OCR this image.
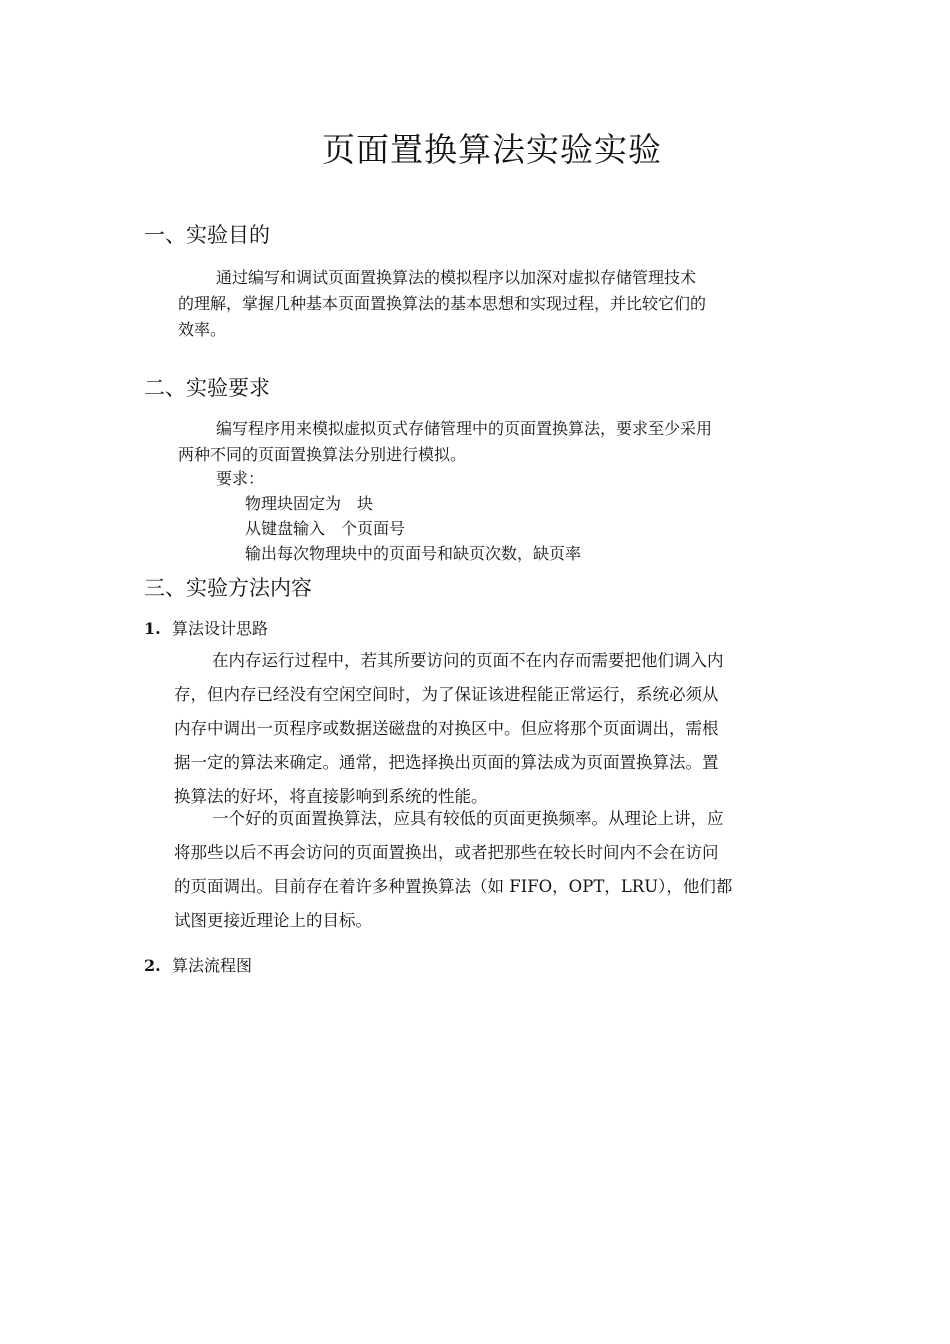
页面置换算法实验实验
一、实验目的
通过编写和调试页面置换算法的模拟程序以加深对虚拟存储管理技术
的理解，掌握几种基本页面置换算法的基本思想和实现过程，并比较它们的
效率。
二、实验要求
编写程序用来模拟虚拟页式存储管理中的页面置换算法，要求至少采用
两种不同的页面置换算法分别进行模拟。
要求：
物理块固定为　块
从键盘输入　个页面号
输出每次物理块中的页面号和缺页次数，缺页率
三、实验方法内容
1. 算法设计思路
在内存运行过程中，若其所要访问的页面不在内存而需要把他们调入内
存，但内存已经没有空闲空间时，为了保证该进程能正常运行，系统必须从
内存中调出一页程序或数据送磁盘的对换区中。但应将那个页面调出，需根
据一定的算法来确定。通常，把选择换出页面的算法成为页面置换算法。置
换算法的好坏，将直接影响到系统的性能。
一个好的页面置换算法，应具有较低的页面更换频率。从理论上讲，应
将那些以后不再会访问的页面置换出，或者把那些在较长时间内不会在访问
的页面调出。目前存在着许多种置换算法（如 FIFO，OPT，LRU），他们都
试图更接近理论上的目标。
2. 算法流程图
